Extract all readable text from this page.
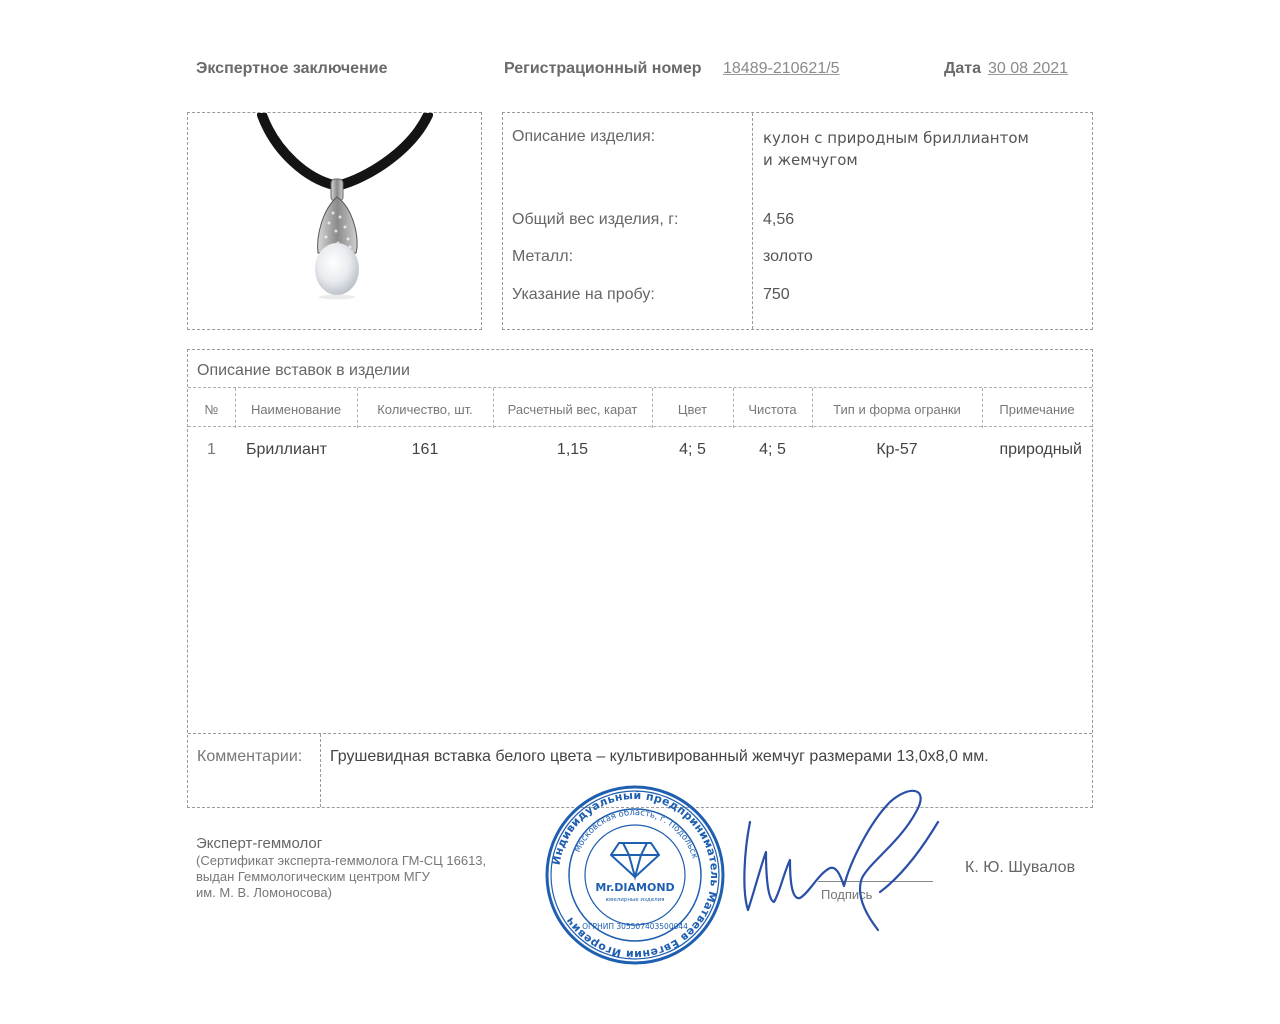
Экспертное заключение	Регистрационный номер 18489-210621/5	Дата 30 08 2021
Описание изделия:	кулон с природным бриллиантом
и жемчугом
Общий вес изделия, г:	4,56
Металл:	золото
Указание на пробу:	750
Описание вставок в изделии
№	Наименование	Количество, шт.	Расчетный вес, карат	Цвет	Чистота	Тип и форма огранки	Примечание
1	Бриллиант	161	1,15	4; 5	4; 5	Кр-57	природный
Комментарии: Грушевидная вставка белого цвета – культивированный жемчуг размерами 13,0х8,0 мм.
Эксперт-геммолог
(Сертификат эксперта-геммолога ГМ-СЦ 16613,
выдан Геммологическим центром МГУ
им. М. В. Ломоносова)	Подпись
К. Ю. Шувалов
Индивидуальный предприниматель Матвеев Евгений Игоревич
Московская область, г. Подольск
ОГРНИП 305507403500044
Mr.DIAMOND
ювелирные изделия
